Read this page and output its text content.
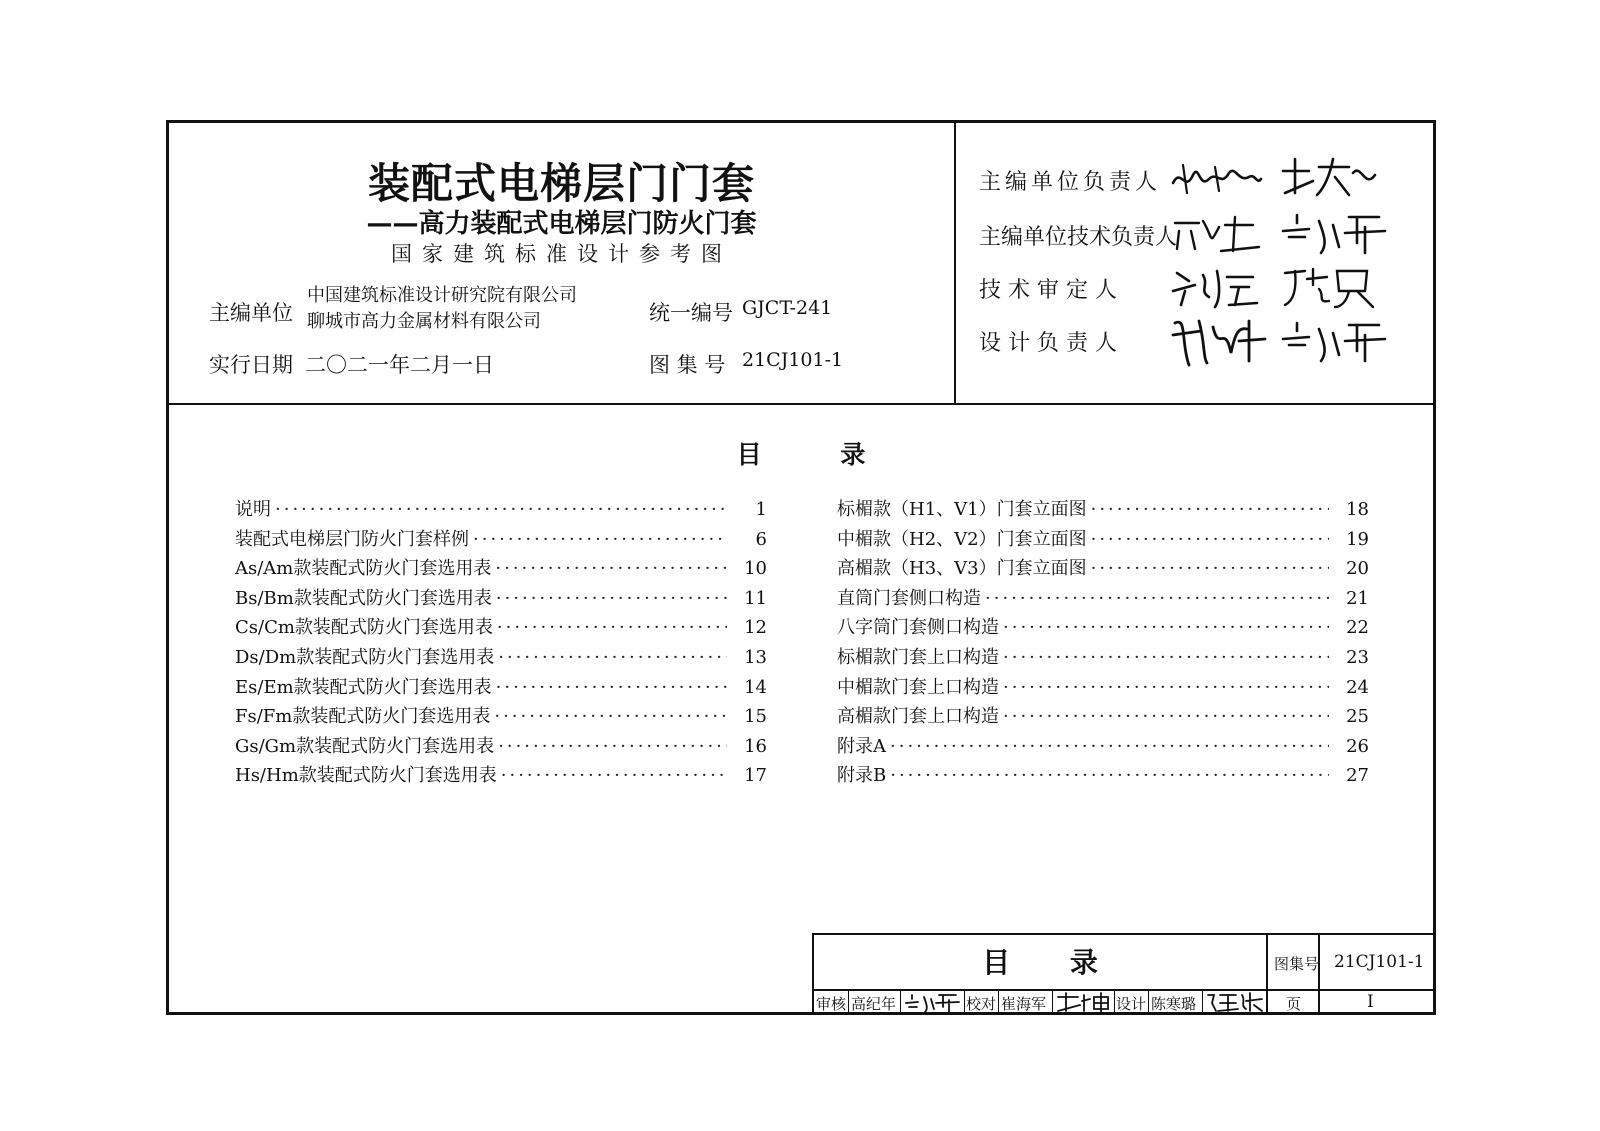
装配式电梯层门门套
——高力装配式电梯层门防火门套
国家建筑标准设计参考图
主编单位
中国建筑标准设计研究院有限公司
聊城市高力金属材料有限公司	统一编号 GJCT-241
实行日期 二〇二一年二月一日	图 集 号 21CJ101-1
主编单位负责人
主编单位技术负责人
技 术 审 定 人
设 计 负 责 人
目 录
说明 ·····	1
装配式电梯层门防火门套样例 ·····	6
As/Am款装配式防火门套选用表 ·····	10
Bs/Bm款装配式防火门套选用表 ·····	11
Cs/Cm款装配式防火门套选用表 ·····	12
Ds/Dm款装配式防火门套选用表 ·····	13
Es/Em款装配式防火门套选用表 ·····	14
Fs/Fm款装配式防火门套选用表 ·····	15
Gs/Gm款装配式防火门套选用表 ·····	16
Hs/Hm款装配式防火门套选用表 ·····	17
标楣款（H1、V1）门套立面图 ·····	18
中楣款（H2、V2）门套立面图 ·····	19
高楣款（H3、V3）门套立面图 ·····	20
直筒门套侧口构造 ·····	21
八字筒门套侧口构造 ·····	22
标楣款门套上口构造 ·····	23
中楣款门套上口构造 ·····	24
高楣款门套上口构造 ·····	25
附录A ·····	26
附录B ·····	27
目 录	图集号 21CJ101-1
审核 高纪年	校对 崔海军	设计 陈寒璐	页	I
